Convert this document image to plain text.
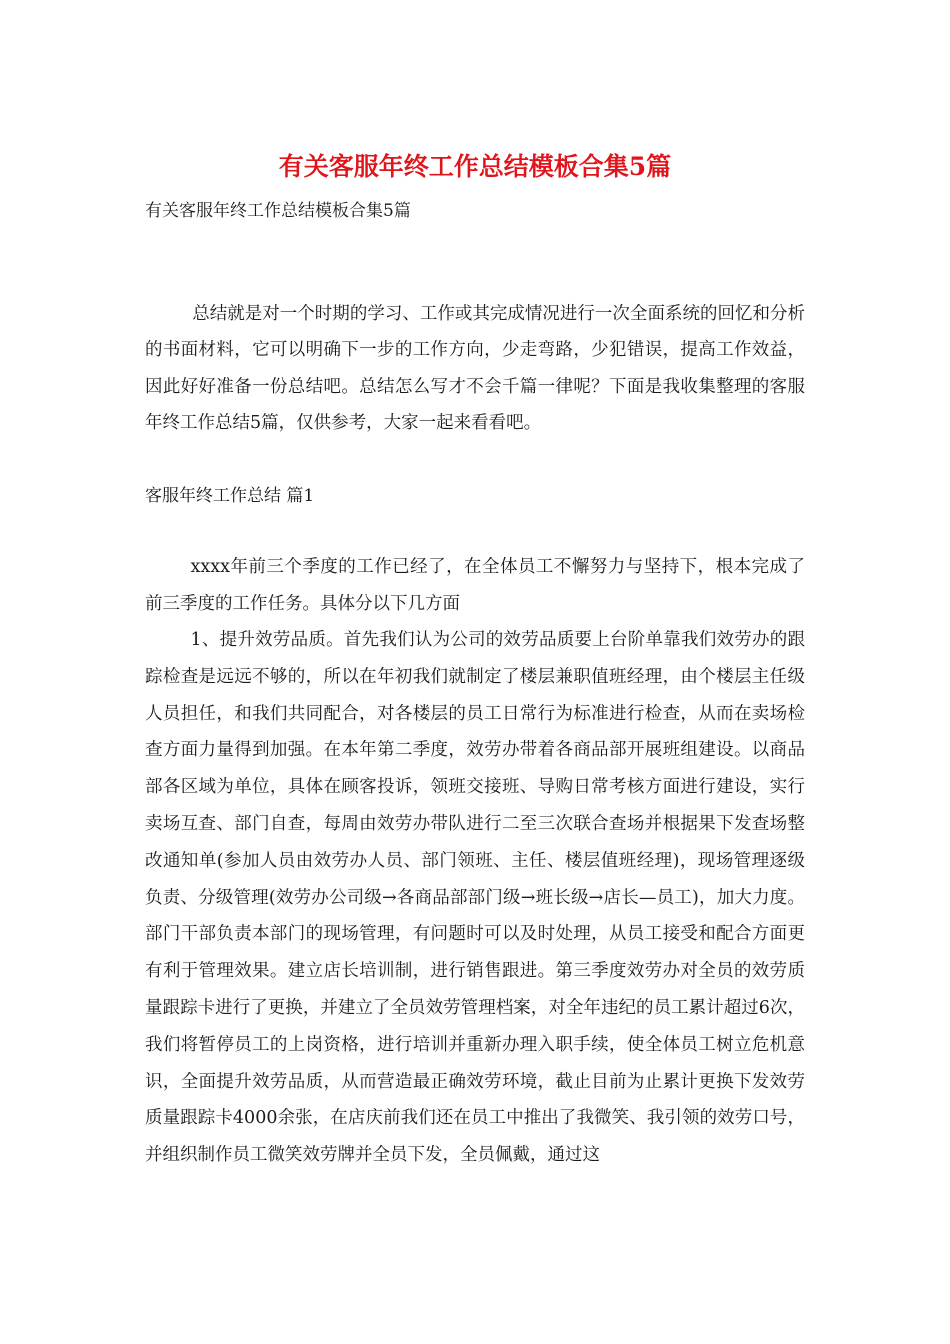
有关客服年终工作总结模板合集5篇

有关客服年终工作总结模板合集5篇

总结就是对一个时期的学习、工作或其完成情况进行一次全面系统的回忆和分析的书面材料，它可以明确下一步的工作方向，少走弯路，少犯错误，提高工作效益，因此好好准备一份总结吧。总结怎么写才不会千篇一律呢？下面是我收集整理的客服年终工作总结5篇，仅供参考，大家一起来看看吧。

客服年终工作总结 篇1

xxxx年前三个季度的工作已经了，在全体员工不懈努力与坚持下，根本完成了前三季度的工作任务。具体分以下几方面

1、提升效劳品质。首先我们认为公司的效劳品质要上台阶单靠我们效劳办的跟踪检查是远远不够的，所以在年初我们就制定了楼层兼职值班经理，由个楼层主任级人员担任，和我们共同配合，对各楼层的员工日常行为标准进行检查，从而在卖场检查方面力量得到加强。在本年第二季度，效劳办带着各商品部开展班组建设。以商品部各区域为单位，具体在顾客投诉，领班交接班、导购日常考核方面进行建设，实行卖场互查、部门自查，每周由效劳办带队进行二至三次联合查场并根据果下发查场整改通知单(参加人员由效劳办人员、部门领班、主任、楼层值班经理)，现场管理逐级负责、分级管理(效劳办公司级→各商品部部门级→班长级→店长—员工)，加大力度。部门干部负责本部门的现场管理，有问题时可以及时处理，从员工接受和配合方面更有利于管理效果。建立店长培训制，进行销售跟进。第三季度效劳办对全员的效劳质量跟踪卡进行了更换，并建立了全员效劳管理档案，对全年违纪的员工累计超过6次，我们将暂停员工的上岗资格，进行培训并重新办理入职手续，使全体员工树立危机意识，全面提升效劳品质，从而营造最正确效劳环境，截止目前为止累计更换下发效劳质量跟踪卡4000余张，在店庆前我们还在员工中推出了我微笑、我引领的效劳口号，并组织制作员工微笑效劳牌并全员下发，全员佩戴，通过这
